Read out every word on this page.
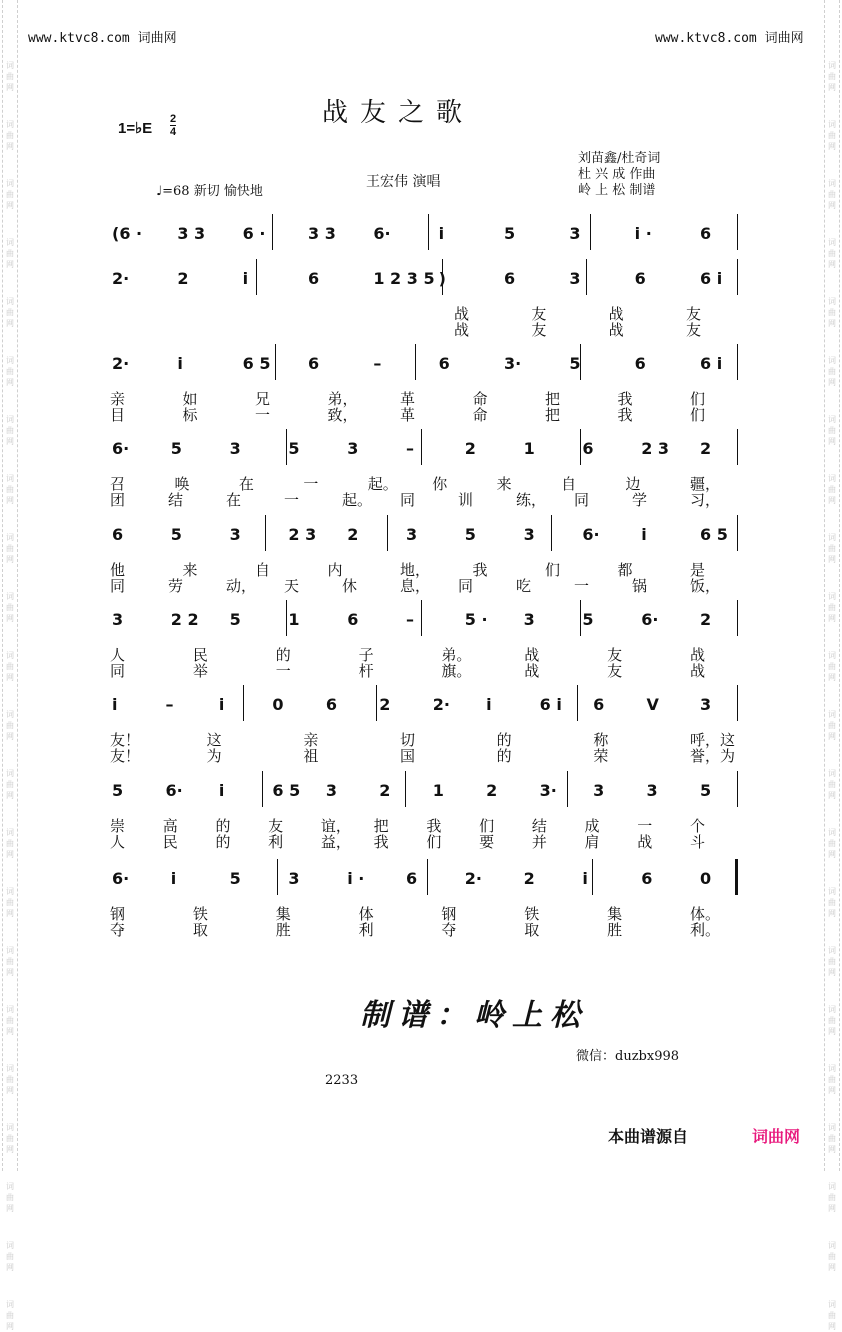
词
曲
网
词
曲
网
词
曲
网
词
曲
网
词
曲
网
词
曲
网
词
曲
网
词
曲
网
词
曲
网
词
曲
网
词
曲
网
词
曲
网
词
曲
网
词
曲
网
词
曲
网
词
曲
网
词
曲
网
词
曲
网
词
曲
网
词
曲
网
词
曲
网
词
曲
网
词
曲
网
词
曲
网
词
曲
网
词
曲
网
词
曲
网
词
曲
网
词
曲
网
词
曲
网
词
曲
网
词
曲
网
词
曲
网
词
曲
网
词
曲
网
词
曲
网
词
曲
网
词
曲
网
词
曲
网
词
曲
网
词
曲
网
词
曲
网
词
曲
网
词
曲
网
www.ktvc8.com 词曲网	www.ktvc8.com 词曲网
战友之歌
1=♭E
2
4
♩=68 新切 愉快地
王宏伟 演唱
刘苗鑫/杜奇词
杜 兴 成 作曲
岭 上 松 制谱
(6 · 3 3 6 ·	3 3 6·	i	5	3	i ·	6
2·	2	i	6	1 2 3 5 )	6	3	6	6 i
战	友	战	友
战	友	战	友
2·	i	6 5 6	–	6	3·	5	6	6 i
亲	如	兄	弟，	革	命	把	我	们
目	标	一	致，	革	命	把	我	们
6·	5	3	5	3	–	2	1	6	2 3 2
召	唤	在	一	起。 你	来	自	边	疆，
团	结	在	一	起。 同	训	练， 同	学	习，
6	5	3	2 3 2	3	5	3	6·	i	6 5
他	来	自	内	地，	我	们	都	是
同	劳	动， 天	休	息， 同	吃	一	锅	饭，
3	2 2 5	1	6	–	5 · 3	5	6·	2
人	民	的	子	弟。	战	友	战
同	举	一	杆	旗。	战	友	战
i	–	i	0	6	2	2· i	6 i 6	V	3
友！	这	亲	切	的	称	呼，这
友！	为	祖	国	的	荣	誉，为
5	6· i	6 5 3	2	1	2	3· 3	3	5
崇	高	的	友	谊， 把	我	们	结	成	一	个
人	民	的	利	益， 我	们	要	并	肩	战	斗
6·	i	5	3	i ·	6	2·	2	i	6	0
钢	铁	集	体	钢	铁	集	体。
夺	取	胜	利	夺	取	胜	利。
制谱：岭上松
微信：duzbx998
2233
本曲谱源自	词曲网
